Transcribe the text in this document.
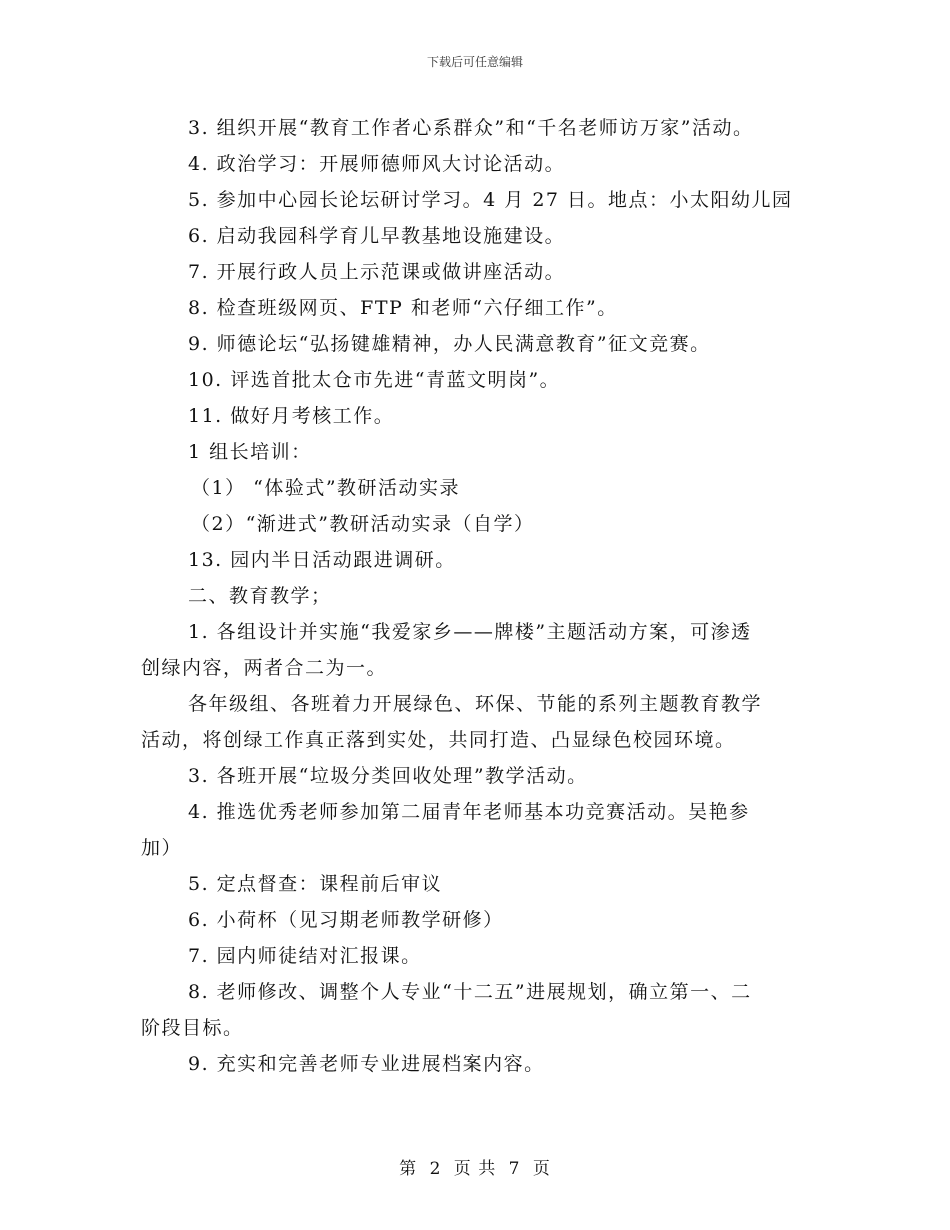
下载后可任意编辑
3. 组织开展“教育工作者心系群众”和“千名老师访万家”活动。
4. 政治学习：开展师德师风大讨论活动。
5. 参加中心园长论坛研讨学习。4 月 27 日。地点：小太阳幼儿园
6. 启动我园科学育儿早教基地设施建设。
7. 开展行政人员上示范课或做讲座活动。
8. 检查班级网页、FTP 和老师“六仔细工作”。
9. 师德论坛“弘扬键雄精神，办人民满意教育”征文竞赛。
10. 评选首批太仓市先进“青蓝文明岗”。
11. 做好月考核工作。
1 组长培训：
（1） “体验式”教研活动实录
（2）“渐进式”教研活动实录（自学）
13. 园内半日活动跟进调研。
二、教育教学；
1. 各组设计并实施“我爱家乡——牌楼”主题活动方案，可渗透
创绿内容，两者合二为一。
各年级组、各班着力开展绿色、环保、节能的系列主题教育教学
活动，将创绿工作真正落到实处，共同打造、凸显绿色校园环境。
3. 各班开展“垃圾分类回收处理”教学活动。
4. 推选优秀老师参加第二届青年老师基本功竞赛活动。吴艳参
加）
5. 定点督查：课程前后审议
6. 小荷杯（见习期老师教学研修）
7. 园内师徒结对汇报课。
8. 老师修改、调整个人专业“十二五”进展规划，确立第一、二
阶段目标。
9. 充实和完善老师专业进展档案内容。
第 2 页 共 7 页
